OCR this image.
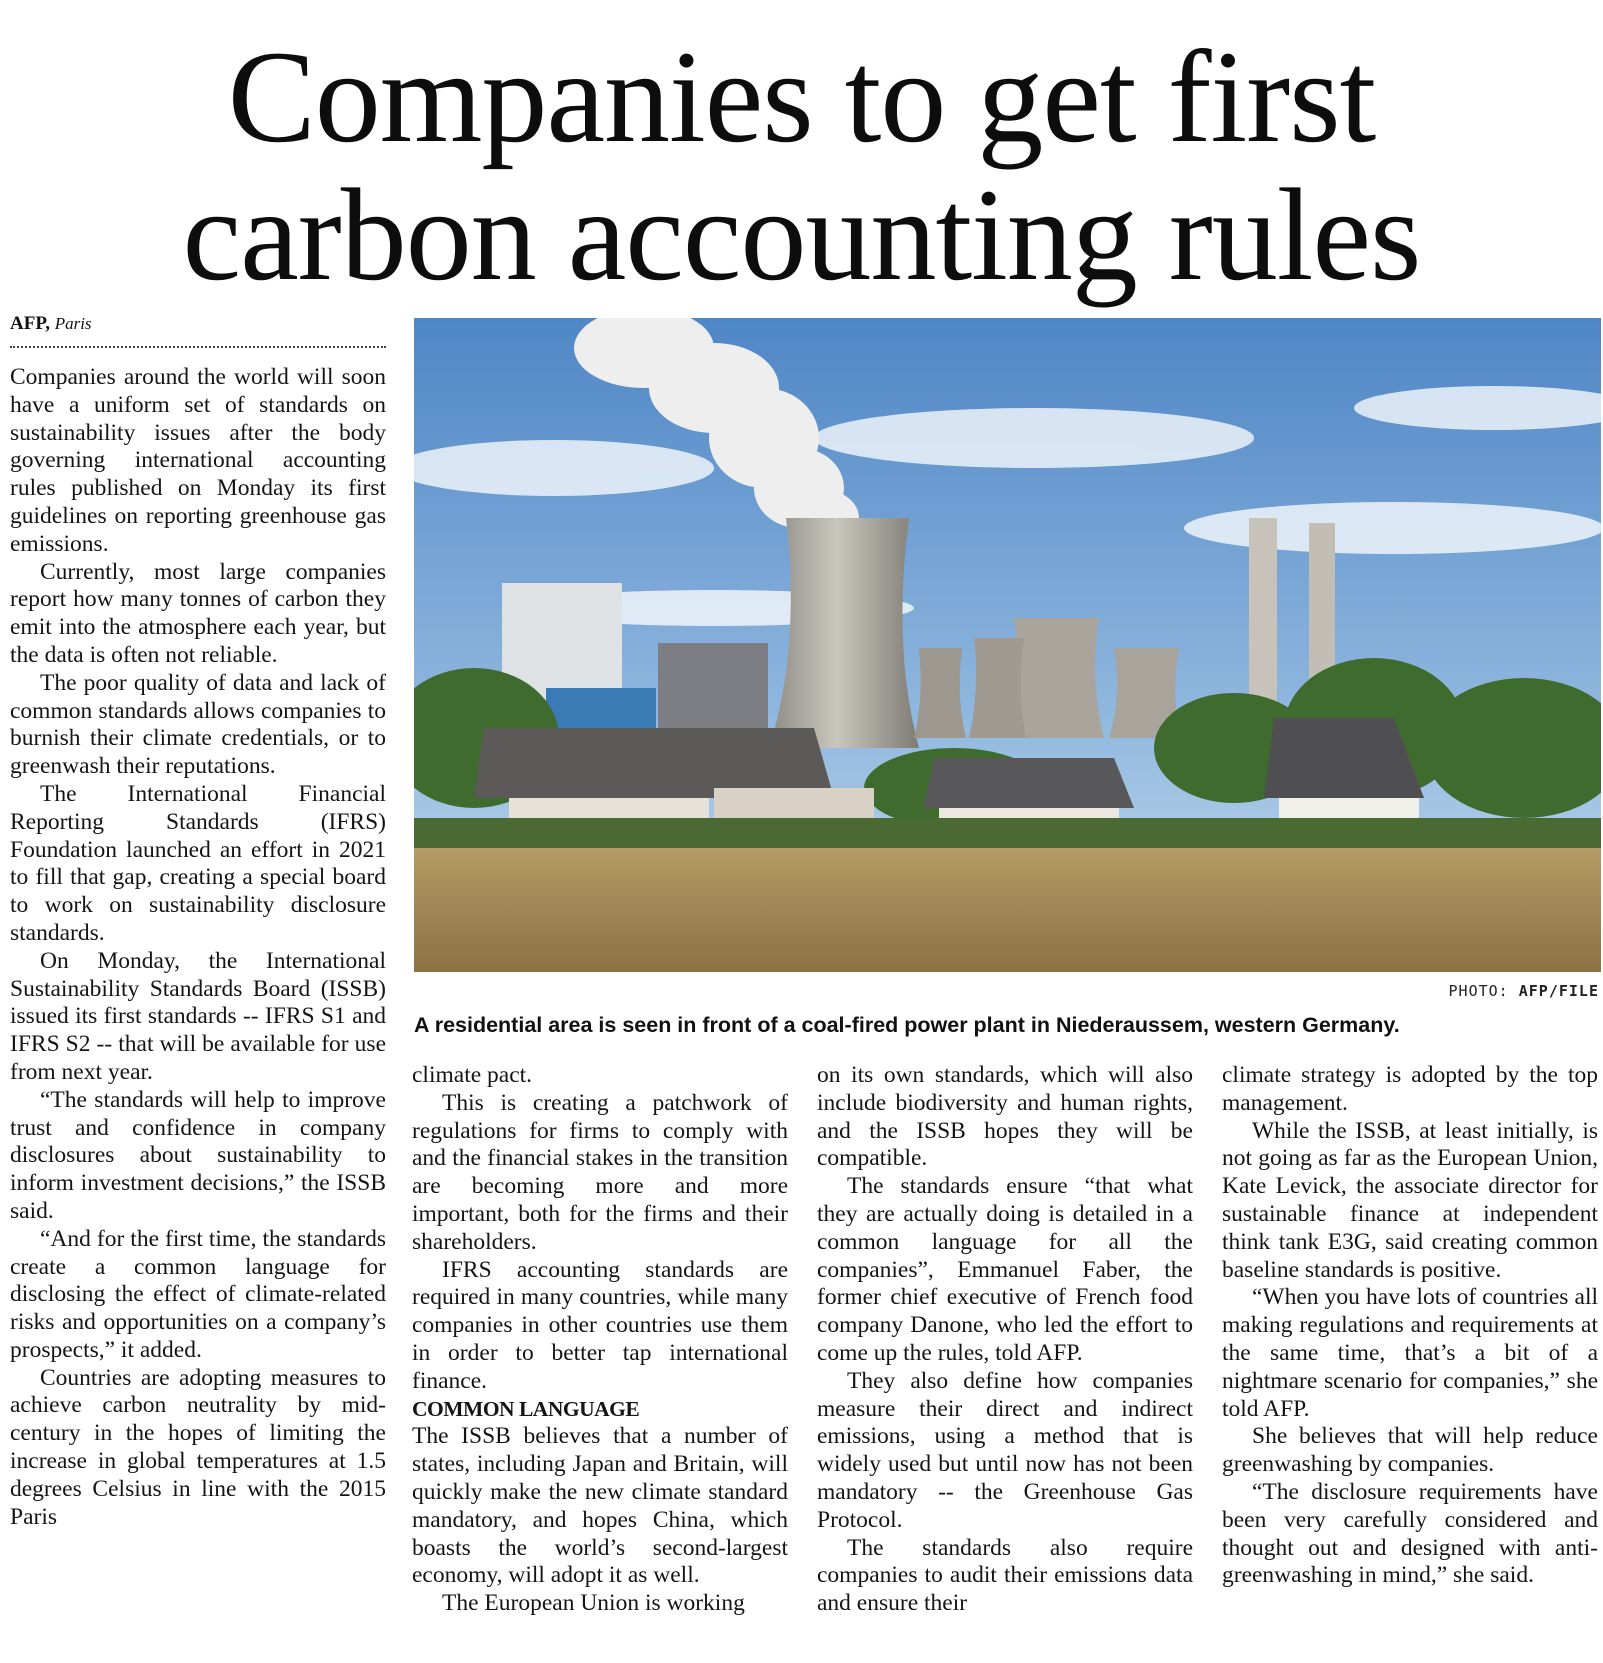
Companies to get first
carbon accounting rules
AFP, Paris

Companies around the world will soon have a uniform set of standards on sustainability issues after the body governing international accounting rules published on Monday its first guidelines on reporting greenhouse gas emissions.

Currently, most large companies report how many tonnes of carbon they emit into the atmosphere each year, but the data is often not reliable.

The poor quality of data and lack of common standards allows companies to burnish their climate credentials, or to greenwash their reputations.

The International Financial Reporting Standards (IFRS) Foundation launched an effort in 2021 to fill that gap, creating a special board to work on sustainability disclosure standards.

On Monday, the International Sustainability Standards Board (ISSB) issued its first standards -- IFRS S1 and IFRS S2 -- that will be available for use from next year.

“The standards will help to improve trust and confidence in company disclosures about sustainability to inform investment decisions,” the ISSB said.

“And for the first time, the standards create a common language for disclosing the effect of climate-related risks and opportunities on a company’s prospects,” it added.

Countries are adopting measures to achieve carbon neutrality by mid-century in the hopes of limiting the increase in global temperatures at 1.5 degrees Celsius in line with the 2015 Paris

PHOTO: AFP/FILE
A residential area is seen in front of a coal-fired power plant in Niederaussem, western Germany.

climate pact.

This is creating a patchwork of regulations for firms to comply with and the financial stakes in the transition are becoming more and more important, both for the firms and their shareholders.

IFRS accounting standards are required in many countries, while many companies in other countries use them in order to better tap international finance.

COMMON LANGUAGE

The ISSB believes that a number of states, including Japan and Britain, will quickly make the new climate standard mandatory, and hopes China, which boasts the world’s second-largest economy, will adopt it as well.

The European Union is working

on its own standards, which will also include biodiversity and human rights, and the ISSB hopes they will be compatible.

The standards ensure “that what they are actually doing is detailed in a common language for all the companies”, Emmanuel Faber, the former chief executive of French food company Danone, who led the effort to come up the rules, told AFP.

They also define how companies measure their direct and indirect emissions, using a method that is widely used but until now has not been mandatory -- the Greenhouse Gas Protocol.

The standards also require companies to audit their emissions data and ensure their

climate strategy is adopted by the top management.

While the ISSB, at least initially, is not going as far as the European Union, Kate Levick, the associate director for sustainable finance at independent think tank E3G, said creating common baseline standards is positive.

“When you have lots of countries all making regulations and requirements at the same time, that’s a bit of a nightmare scenario for companies,” she told AFP.

She believes that will help reduce greenwashing by companies.

“The disclosure requirements have been very carefully considered and thought out and designed with anti-greenwashing in mind,” she said.
